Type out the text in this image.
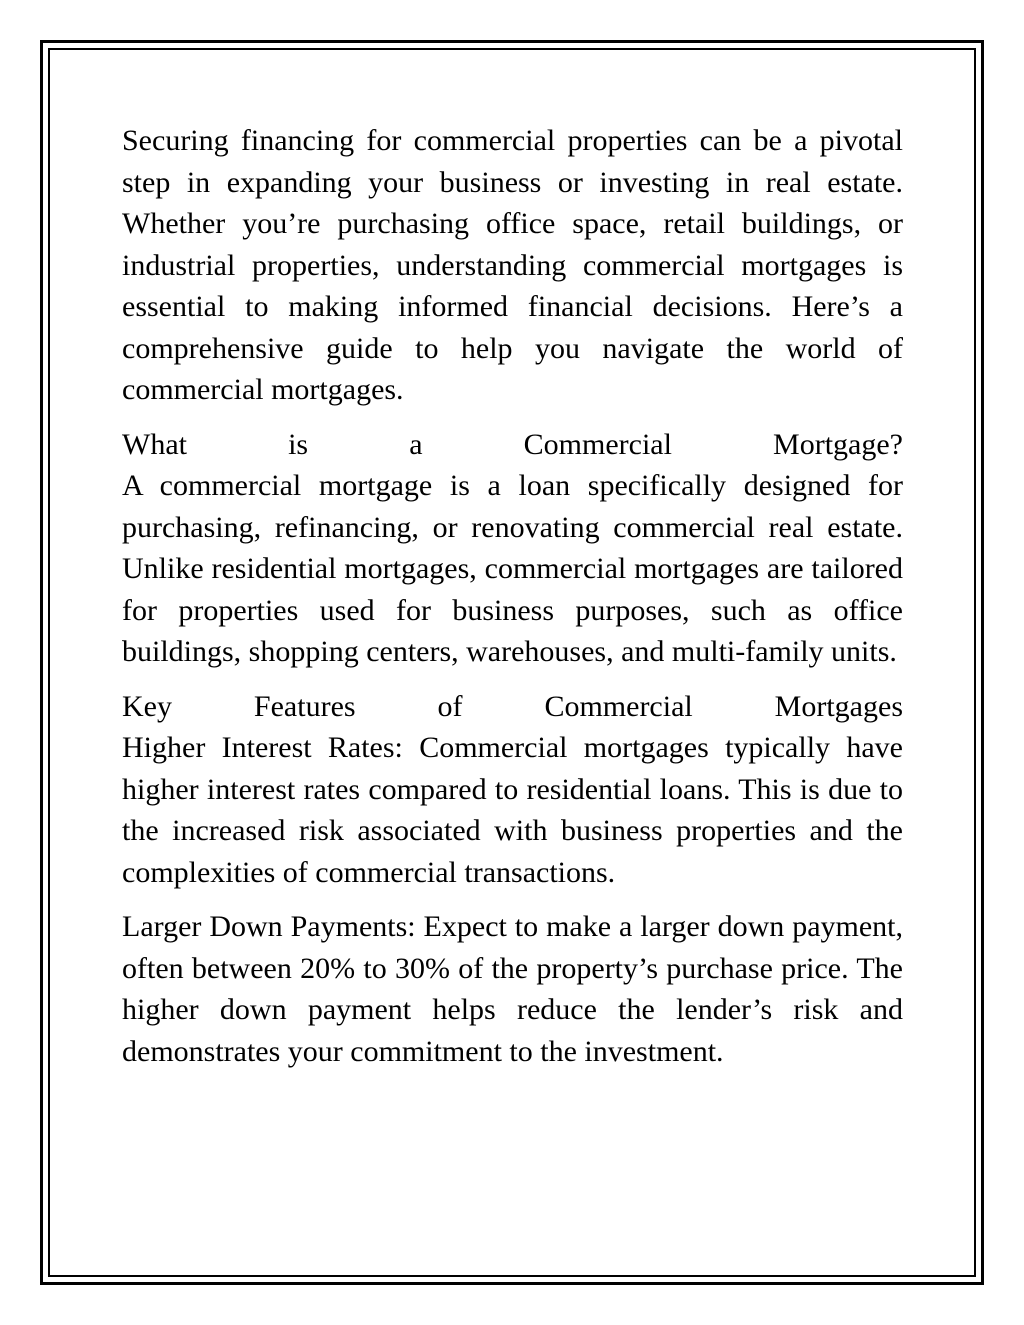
Securing financing for commercial properties can be a pivotal step in expanding your business or investing in real estate. Whether you’re purchasing office space, retail buildings, or industrial properties, understanding commercial mortgages is essential to making informed financial decisions. Here’s a comprehensive guide to help you navigate the world of commercial mortgages.

What is a Commercial Mortgage?
A commercial mortgage is a loan specifically designed for purchasing, refinancing, or renovating commercial real estate. Unlike residential mortgages, commercial mortgages are tailored for properties used for business purposes, such as office buildings, shopping centers, warehouses, and multi-family units.
Key Features of Commercial Mortgages
Higher Interest Rates: Commercial mortgages typically have higher interest rates compared to residential loans. This is due to the increased risk associated with business properties and the complexities of commercial transactions.

Larger Down Payments: Expect to make a larger down payment, often between 20% to 30% of the property’s purchase price. The higher down payment helps reduce the lender’s risk and demonstrates your commitment to the investment.
